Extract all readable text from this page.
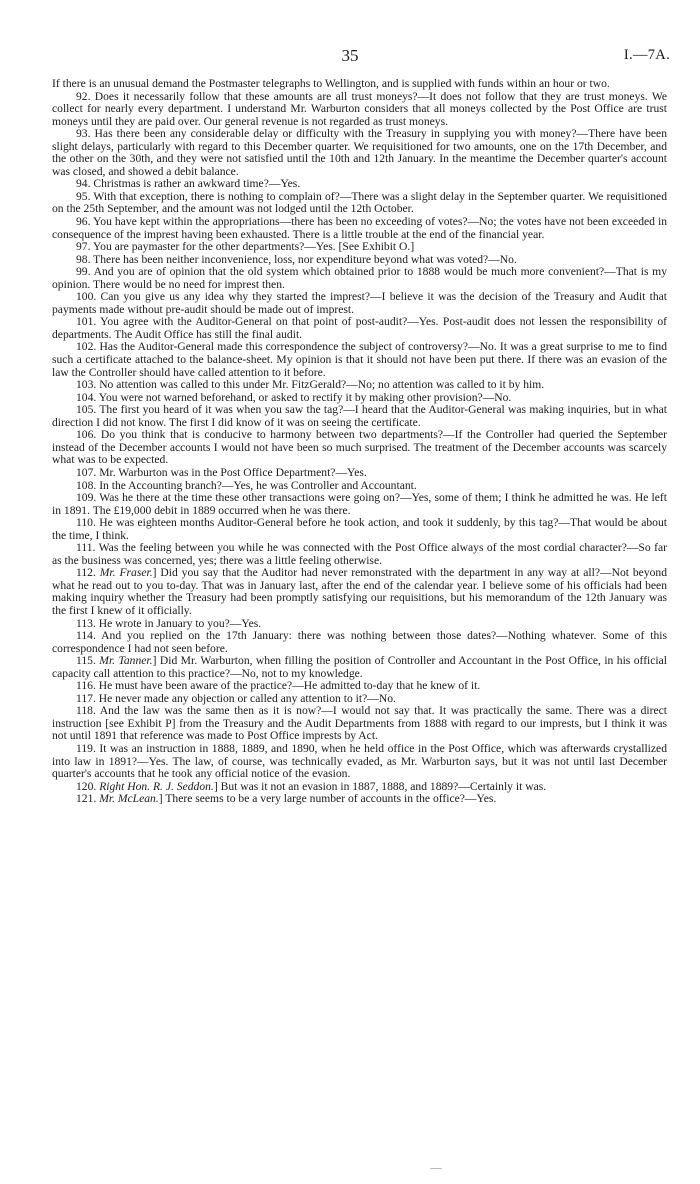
35	I.—7A.

If there is an unusual demand the Postmaster telegraphs to Wellington, and is supplied with funds within an hour or two.

92. Does it necessarily follow that these amounts are all trust moneys?—It does not follow that they are trust moneys. We collect for nearly every department. I understand Mr. Warburton considers that all moneys collected by the Post Office are trust moneys until they are paid over. Our general revenue is not regarded as trust moneys.

93. Has there been any considerable delay or difficulty with the Treasury in supplying you with money?—There have been slight delays, particularly with regard to this December quarter. We requisitioned for two amounts, one on the 17th December, and the other on the 30th, and they were not satisfied until the 10th and 12th January. In the meantime the December quarter's account was closed, and showed a debit balance.

94. Christmas is rather an awkward time?—Yes.

95. With that exception, there is nothing to complain of?—There was a slight delay in the September quarter. We requisitioned on the 25th September, and the amount was not lodged until the 12th October.

96. You have kept within the appropriations—there has been no exceeding of votes?—No; the votes have not been exceeded in consequence of the imprest having been exhausted. There is a little trouble at the end of the financial year.

97. You are paymaster for the other departments?—Yes. [See Exhibit O.]

98. There has been neither inconvenience, loss, nor expenditure beyond what was voted?—No.

99. And you are of opinion that the old system which obtained prior to 1888 would be much more convenient?—That is my opinion. There would be no need for imprest then.

100. Can you give us any idea why they started the imprest?—I believe it was the decision of the Treasury and Audit that payments made without pre-audit should be made out of imprest.

101. You agree with the Auditor-General on that point of post-audit?—Yes. Post-audit does not lessen the responsibility of departments. The Audit Office has still the final audit.

102. Has the Auditor-General made this correspondence the subject of controversy?—No. It was a great surprise to me to find such a certificate attached to the balance-sheet. My opinion is that it should not have been put there. If there was an evasion of the law the Controller should have called attention to it before.

103. No attention was called to this under Mr. FitzGerald?—No; no attention was called to it by him.

104. You were not warned beforehand, or asked to rectify it by making other provision?—No.

105. The first you heard of it was when you saw the tag?—I heard that the Auditor-General was making inquiries, but in what direction I did not know. The first I did know of it was on seeing the certificate.

106. Do you think that is conducive to harmony between two departments?—If the Controller had queried the September instead of the December accounts I would not have been so much surprised. The treatment of the December accounts was scarcely what was to be expected.

107. Mr. Warburton was in the Post Office Department?—Yes.

108. In the Accounting branch?—Yes, he was Controller and Accountant.

109. Was he there at the time these other transactions were going on?—Yes, some of them; I think he admitted he was. He left in 1891. The £19,000 debit in 1889 occurred when he was there.

110. He was eighteen months Auditor-General before he took action, and took it suddenly, by this tag?—That would be about the time, I think.

111. Was the feeling between you while he was connected with the Post Office always of the most cordial character?—So far as the business was concerned, yes; there was a little feeling otherwise.

112. Mr. Fraser.] Did you say that the Auditor had never remonstrated with the department in any way at all?—Not beyond what he read out to you to-day. That was in January last, after the end of the calendar year. I believe some of his officials had been making inquiry whether the Treasury had been promptly satisfying our requisitions, but his memorandum of the 12th January was the first I knew of it officially.

113. He wrote in January to you?—Yes.

114. And you replied on the 17th January: there was nothing between those dates?—Nothing whatever. Some of this correspondence I had not seen before.

115. Mr. Tanner.] Did Mr. Warburton, when filling the position of Controller and Accountant in the Post Office, in his official capacity call attention to this practice?—No, not to my knowledge.

116. He must have been aware of the practice?—He admitted to-day that he knew of it.

117. He never made any objection or called any attention to it?—No.

118. And the law was the same then as it is now?—I would not say that. It was practically the same. There was a direct instruction [see Exhibit P] from the Treasury and the Audit Departments from 1888 with regard to our imprests, but I think it was not until 1891 that reference was made to Post Office imprests by Act.

119. It was an instruction in 1888, 1889, and 1890, when he held office in the Post Office, which was afterwards crystallized into law in 1891?—Yes. The law, of course, was technically evaded, as Mr. Warburton says, but it was not until last December quarter's accounts that he took any official notice of the evasion.

120. Right Hon. R. J. Seddon.] But was it not an evasion in 1887, 1888, and 1889?—Certainly it was.

121. Mr. McLean.] There seems to be a very large number of accounts in the office?—Yes.
